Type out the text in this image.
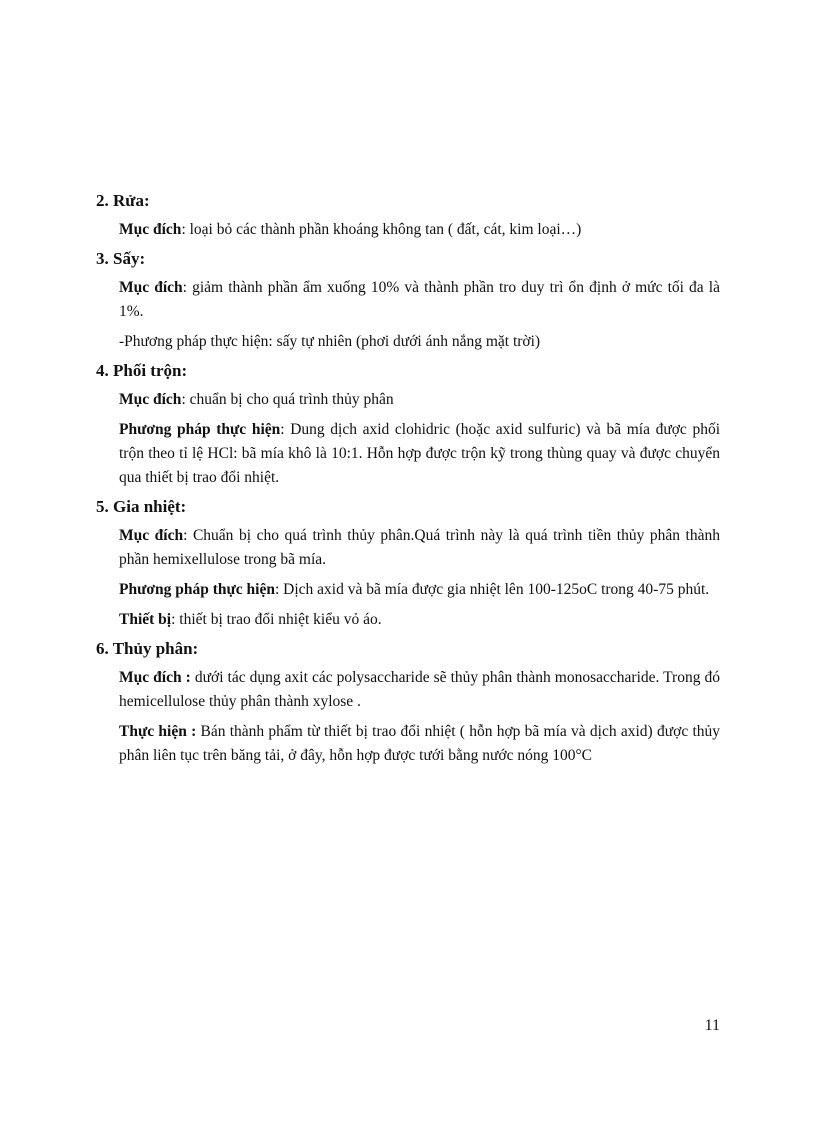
2. Rửa:

Mục đích: loại bỏ các thành phần khoáng không tan ( đất, cát, kim loại…)

3. Sấy:

Mục đích: giảm thành phần ẩm xuống 10% và thành phần tro duy trì ổn định ở mức tối đa là 1%.

-Phương pháp thực hiện: sấy tự nhiên (phơi dưới ánh nắng mặt trời)

4. Phối trộn:

Mục đích: chuẩn bị cho quá trình thủy phân

Phương pháp thực hiện: Dung dịch axid clohidric (hoặc axid sulfuric) và bã mía được phối trộn theo tỉ lệ HCl: bã mía khô là 10:1. Hỗn hợp được trộn kỹ trong thùng quay và được chuyển qua thiết bị trao đổi nhiệt.

5. Gia nhiệt:

Mục đích: Chuẩn bị cho quá trình thủy phân.Quá trình này là quá trình tiền thủy phân thành phần hemixellulose trong bã mía.

Phương pháp thực hiện: Dịch axid và bã mía được gia nhiệt lên 100-125oC trong 40-75 phút.

Thiết bị: thiết bị trao đổi nhiệt kiểu vỏ áo.

6. Thủy phân:

Mục đích : dưới tác dụng axit các polysaccharide sẽ thủy phân thành monosaccharide. Trong đó hemicellulose thủy phân thành xylose .

Thực hiện : Bán thành phẩm từ thiết bị trao đổi nhiệt ( hỗn hợp bã mía và dịch axid) được thủy phân liên tục trên băng tải, ở đây, hỗn hợp được tưới bằng nước nóng 100°C

11
